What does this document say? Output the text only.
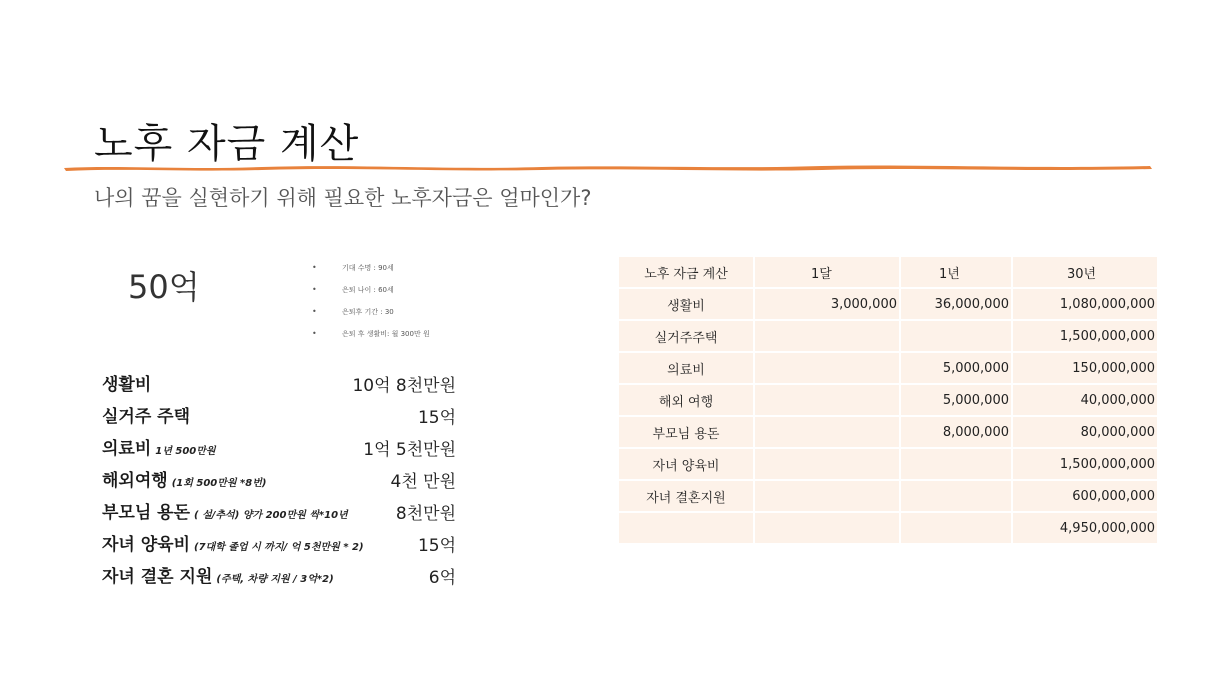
노후 자금 계산
나의 꿈을 실현하기 위해 필요한 노후자금은 얼마인가?
50억
•	기대 수명 : 90세
•	은퇴 나이 : 60세
•	은퇴후 기간 : 30
•	은퇴 후 생활비: 월 300만 원
생활비	10억 8천만원
실거주 주택	15억
의료비 1년 500만원	1억 5천만원
해외여행 (1회 500만원 *8번)	4천 만원
부모님 용돈 ( 설/추석) 양가 200만원 씩*10년	8천만원
자녀 양육비 (7대학 졸업 시 까지/ 억 5천만원 * 2)	15억
자녀 결혼 지원 (주택, 차량 지원 / 3억*2)	6억
노후 자금 계산	1달	1년	30년
생활비	3,000,000	36,000,000	1,080,000,000
실거주주택			1,500,000,000
의료비		5,000,000	150,000,000
해외 여행		5,000,000	40,000,000
부모님 용돈		8,000,000	80,000,000
자녀 양육비			1,500,000,000
자녀 결혼지원			600,000,000
			4,950,000,000
